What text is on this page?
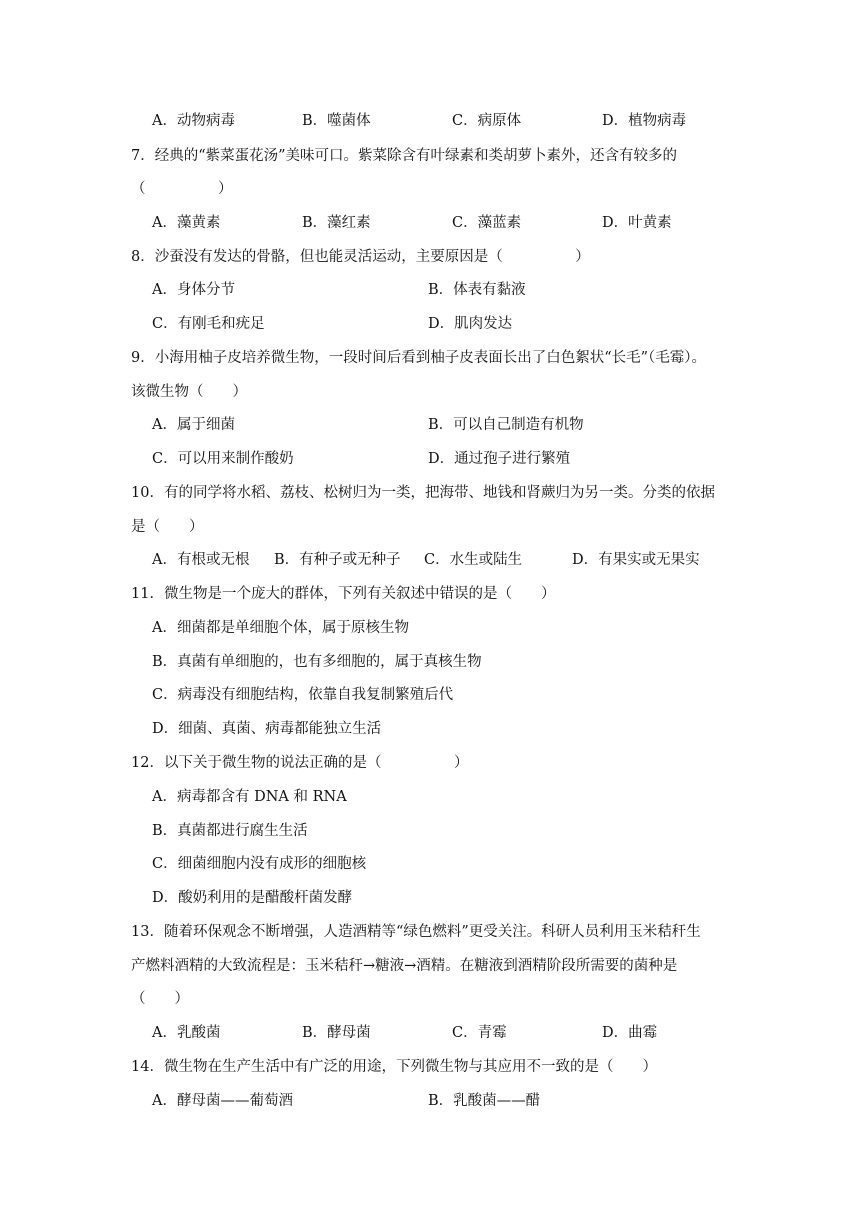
A．动物病毒	B．噬菌体	C．病原体	D．植物病毒
7．经典的“紫菜蛋花汤”美味可口。紫菜除含有叶绿素和类胡萝卜素外，还含有较多的
（　　　　　）
A．藻黄素	B．藻红素	C．藻蓝素	D．叶黄素
8．沙蚕没有发达的骨骼，但也能灵活运动，主要原因是（　　　　　）
A．身体分节	B．体表有黏液
C．有刚毛和疣足	D．肌肉发达
9．小海用柚子皮培养微生物，一段时间后看到柚子皮表面长出了白色絮状“长毛”（毛霉）。
该微生物（　　）
A．属于细菌	B．可以自己制造有机物
C．可以用来制作酸奶	D．通过孢子进行繁殖
10．有的同学将水稻、荔枝、松树归为一类，把海带、地钱和肾蕨归为另一类。分类的依据
是（　　）
A．有根或无根 B．有种子或无种子 C．水生或陆生	D．有果实或无果实
11．微生物是一个庞大的群体，下列有关叙述中错误的是（　　）
A．细菌都是单细胞个体，属于原核生物
B．真菌有单细胞的，也有多细胞的，属于真核生物
C．病毒没有细胞结构，依靠自我复制繁殖后代
D．细菌、真菌、病毒都能独立生活
12．以下关于微生物的说法正确的是（　　　　　）
A．病毒都含有 DNA 和 RNA
B．真菌都进行腐生生活
C．细菌细胞内没有成形的细胞核
D．酸奶利用的是醋酸杆菌发酵
13．随着环保观念不断增强，人造酒精等“绿色燃料”更受关注。科研人员利用玉米秸秆生
产燃料酒精的大致流程是：玉米秸秆→糖液→酒精。在糖液到酒精阶段所需要的菌种是
（　　）
A．乳酸菌	B．酵母菌	C．青霉	D．曲霉
14．微生物在生产生活中有广泛的用途，下列微生物与其应用不一致的是（　　）
A．酵母菌——葡萄酒	B．乳酸菌——醋
